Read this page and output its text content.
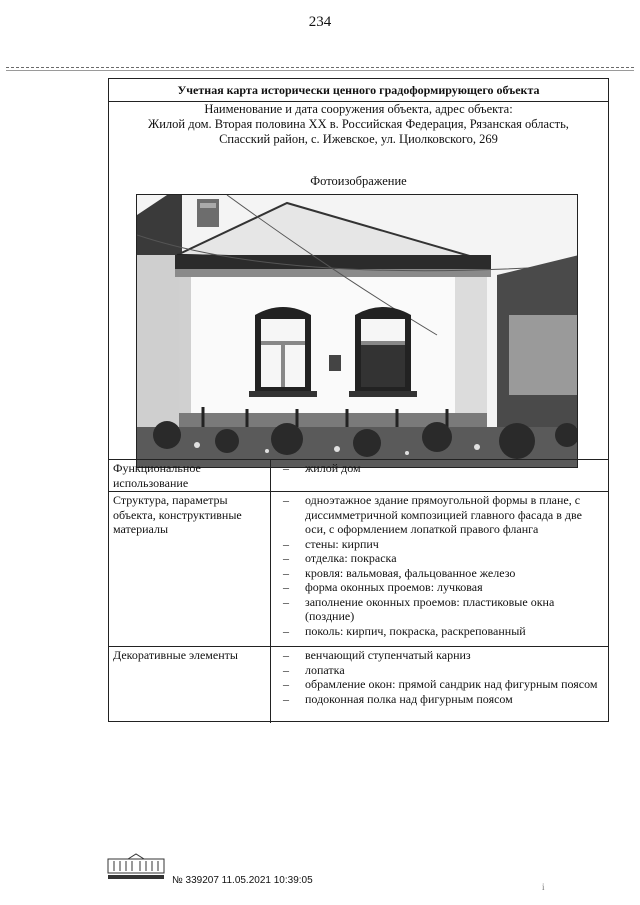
234
Учетная карта исторически ценного градоформирующего объекта
Наименование и дата сооружения объекта, адрес объекта:
Жилой дом. Вторая половина XX в. Российская Федерация, Рязанская область,
Спасский район, с. Ижевское, ул. Циолковского, 269
Фотоизображение
Функциональное использование
– жилой дом
Структура, параметры объекта, конструктивные материалы
– одноэтажное здание прямоугольной формы в плане, с диссимметричной композицией главного фасада в две оси, с оформлением лопаткой правого фланга
– стены: кирпич
– отделка: покраска
– кровля: вальмовая, фальцованное железо
– форма оконных проемов: лучковая
– заполнение оконных проемов: пластиковые окна (поздние)
– поколь: кирпич, покраска, раскрепованный
Декоративные элементы
–	венчающий ступенчатый карниз
– лопатка
– обрамление окон: прямой сандрик над фигурным поясом
– подоконная полка над фигурным поясом
№ 339207 11.05.2021 10:39:05
і
